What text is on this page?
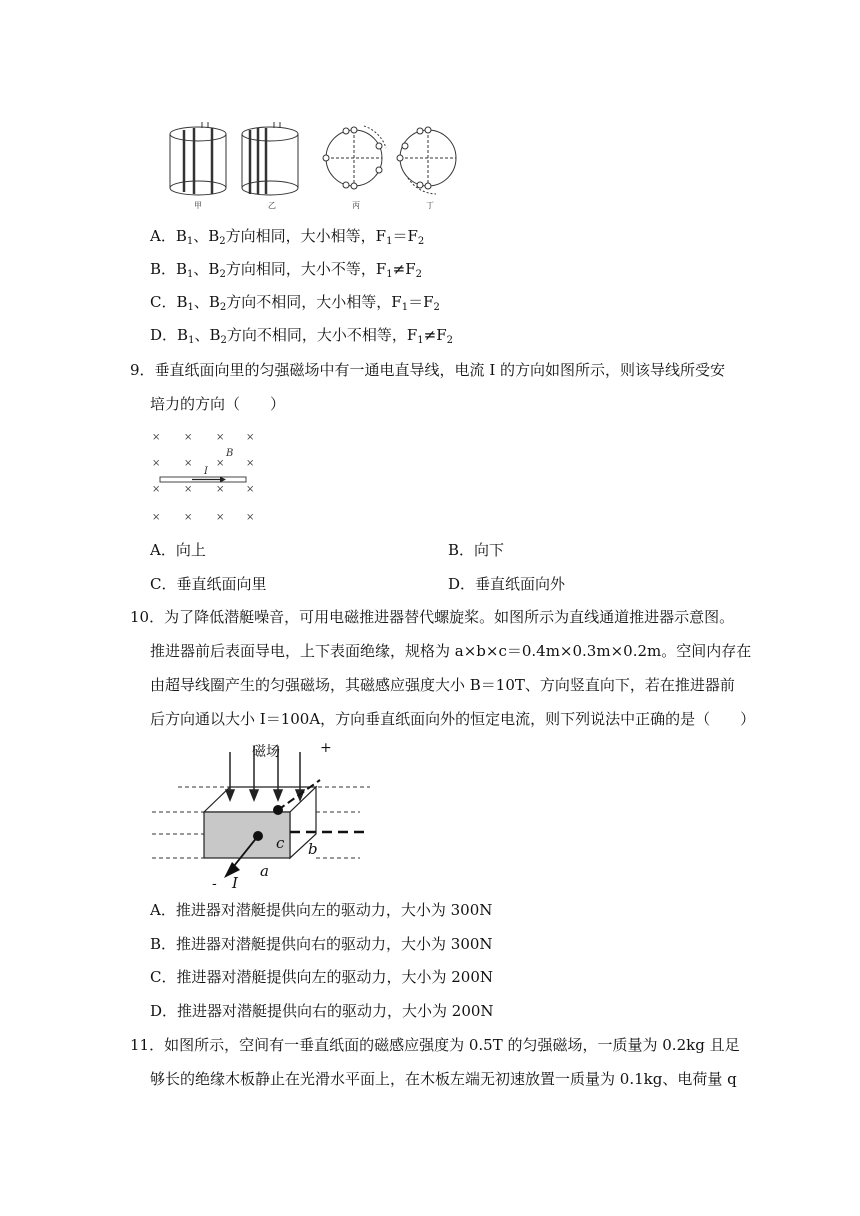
甲	乙	丙	丁
A．$B_1$、$B_2$方向相同，大小相等，$F_1=F_2$
B．$B_1$、$B_2$方向相同，大小不等，$F_1\ne F_2$
C．$B_1$、$B_2$方向不相同，大小相等，$F_1=F_2$
D．$B_1$、$B_2$方向不相同，大小不相等，$F_1\ne F_2$
9．垂直纸面向里的匀强磁场中有一通电直导线，电流 I 的方向如图所示，则该导线所受安
培力的方向（　　）
× × × ×
× × × ×
× × × ×
× × × ×
B
I
A．向上	B．向下
C．垂直纸面向里	D．垂直纸面向外
10．为了降低潜艇噪音，可用电磁推进器替代螺旋桨。如图所示为直线通道推进器示意图。
推进器前后表面导电，上下表面绝缘，规格为 a×b×c＝0.4m×0.3m×0.2m。空间内存在
由超导线圈产生的匀强磁场，其磁感应强度大小 B＝10T、方向竖直向下，若在推进器前
后方向通以大小 I＝100A，方向垂直纸面向外的恒定电流，则下列说法中正确的是（　　）
磁场	+
- I
c b
a
A．推进器对潜艇提供向左的驱动力，大小为 300N
B．推进器对潜艇提供向右的驱动力，大小为 300N
C．推进器对潜艇提供向左的驱动力，大小为 200N
D．推进器对潜艇提供向右的驱动力，大小为 200N
11．如图所示，空间有一垂直纸面的磁感应强度为 0.5T 的匀强磁场，一质量为 0.2kg 且足
够长的绝缘木板静止在光滑水平面上，在木板左端无初速放置一质量为 0.1kg、电荷量 q
